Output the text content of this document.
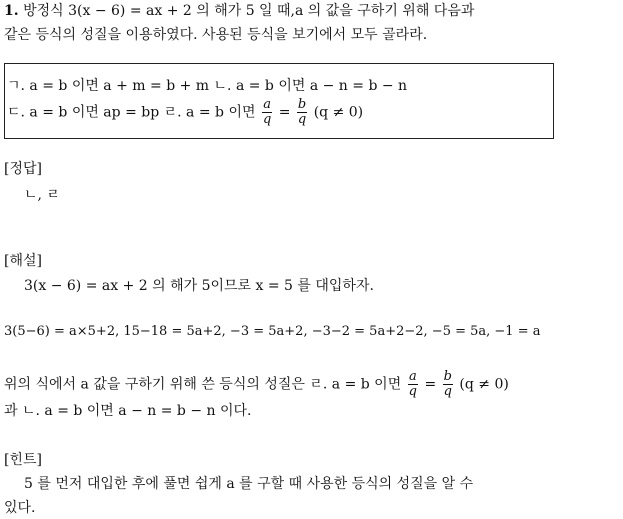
1. 방정식 3(x − 6) = ax + 2 의 해가 5 일 때,a 의 값을 구하기 위해 다음과
같은 등식의 성질을 이용하였다. 사용된 등식을 보기에서 모두 골라라.
ㄱ. a = b 이면 a + m = b + m ㄴ. a = b 이면 a − n = b − n
ㄷ. a = b 이면 ap = bp ㄹ. a = b 이면 $\frac{a}{q} = \frac{b}{q} (q \ne 0)$
[정답]
ㄴ, ㄹ
[해설]
3(x − 6) = ax + 2 의 해가 5이므로 x = 5 를 대입하자.
3(5−6) = a×5+2, 15−18 = 5a+2, −3 = 5a+2, −3−2 = 5a+2−2, −5 = 5a, −1 = a
위의 식에서 a 값을 구하기 위해 쓴 등식의 성질은 ㄹ. a = b 이면 $\frac{a}{q} = \frac{b}{q} (q \ne 0)$
과 ㄴ. a = b 이면 a − n = b − n 이다.
[힌트]
5 를 먼저 대입한 후에 풀면 쉽게 a 를 구할 때 사용한 등식의 성질을 알 수
있다.
